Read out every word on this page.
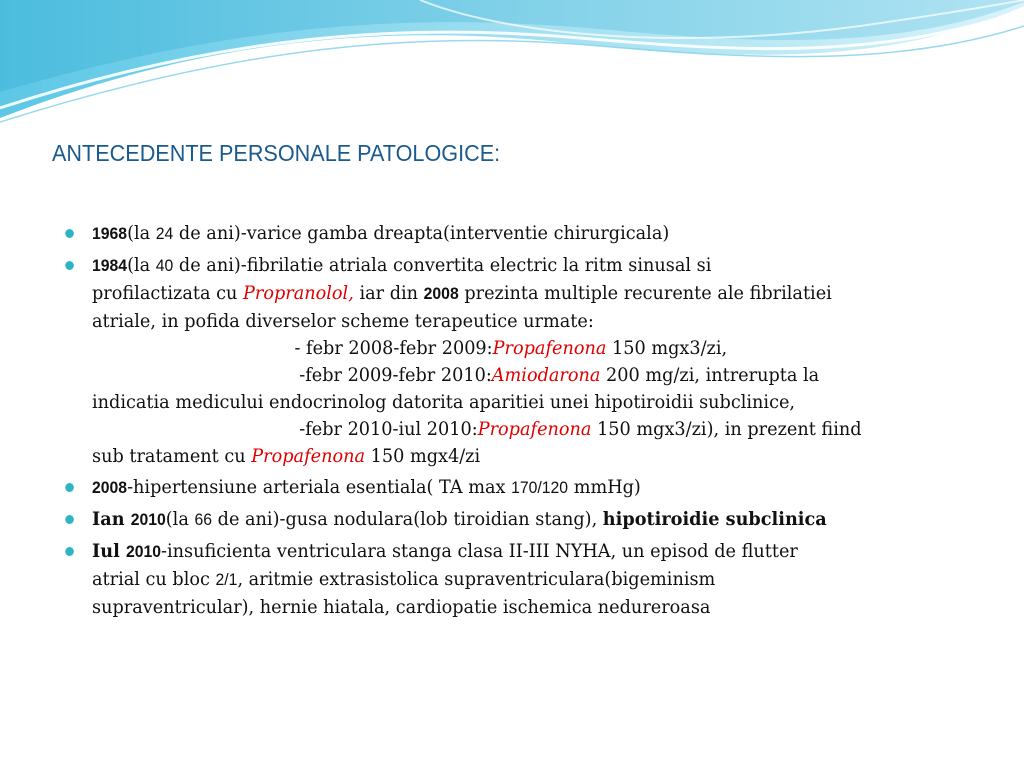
ANTECEDENTE PERSONALE PATOLOGICE:
1968(la 24 de ani)-varice gamba dreapta(interventie chirurgicala)
1984(la 40 de ani)-fibrilatie atriala convertita electric la ritm sinusal si
profilactizata cu Propranolol, iar din 2008 prezinta multiple recurente ale fibrilatiei
atriale, in pofida diverselor scheme terapeutice urmate:
- febr 2008-febr 2009:Propafenona 150 mgx3/zi,
-febr 2009-febr 2010:Amiodarona 200 mg/zi, intrerupta la
indicatia medicului endocrinolog datorita aparitiei unei hipotiroidii subclinice,
-febr 2010-iul 2010:Propafenona 150 mgx3/zi), in prezent fiind
sub tratament cu Propafenona 150 mgx4/zi
2008-hipertensiune arteriala esentiala( TA max 170/120 mmHg)
Ian 2010(la 66 de ani)-gusa nodulara(lob tiroidian stang), hipotiroidie subclinica
Iul 2010-insuficienta ventriculara stanga clasa II-III NYHA, un episod de flutter
atrial cu bloc 2/1, aritmie extrasistolica supraventriculara(bigeminism
supraventricular), hernie hiatala, cardiopatie ischemica nedureroasa
